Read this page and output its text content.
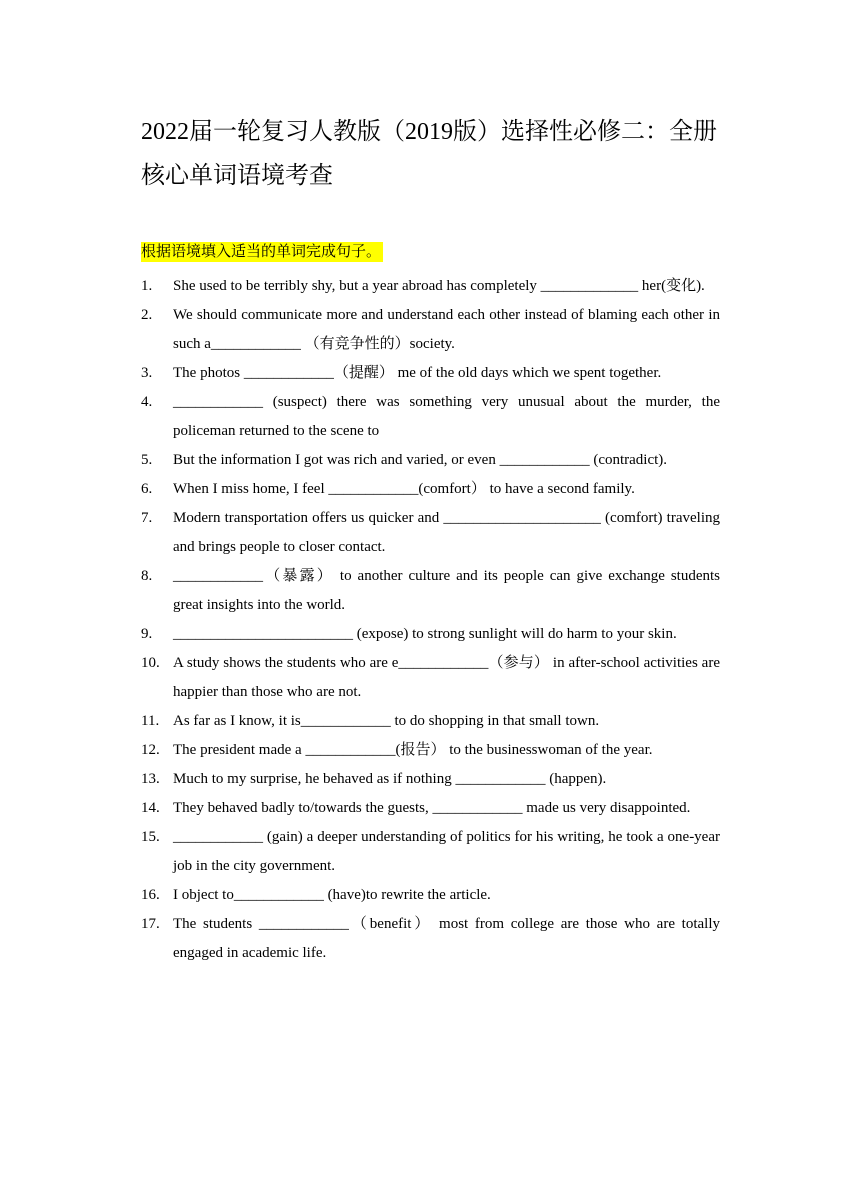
2022届一轮复习人教版（2019版）选择性必修二：全册核心单词语境考查
根据语境填入适当的单词完成句子。
1.	She used to be terribly shy, but a year abroad has completely _____________ her(变化).
2.	We should communicate more and understand each other instead of blaming each other in such a____________ （有竞争性的）society.
3.	The photos ____________（提醒） me of the old days which we spent together.
4.	____________ (suspect) there was something very unusual about the murder, the policeman returned to the scene to
5.	But the information I got was rich and varied, or even ____________ (contradict).
6.	When I miss home, I feel ____________(comfort） to have a second family.
7.	Modern transportation offers us quicker and _____________________ (comfort) traveling and brings people to closer contact.
8.	____________（暴露） to another culture and its people can give exchange students great insights into the world.
9.	________________________ (expose) to strong sunlight will do harm to your skin.
10. A study shows the students who are e____________（参与） in after-school activities are happier than those who are not.
11. As far as I know, it is____________ to do shopping in that small town.
12. The president made a ____________(报告） to the businesswoman of the year.
13. Much to my surprise, he behaved as if nothing ____________ (happen).
14. They behaved badly to/towards the guests, ____________ made us very disappointed.
15. ____________ (gain) a deeper understanding of politics for his writing, he took a one-year job in the city government.
16. I object to____________ (have)to rewrite the article.
17. The students ____________（benefit） most from college are those who are totally engaged in academic life.
